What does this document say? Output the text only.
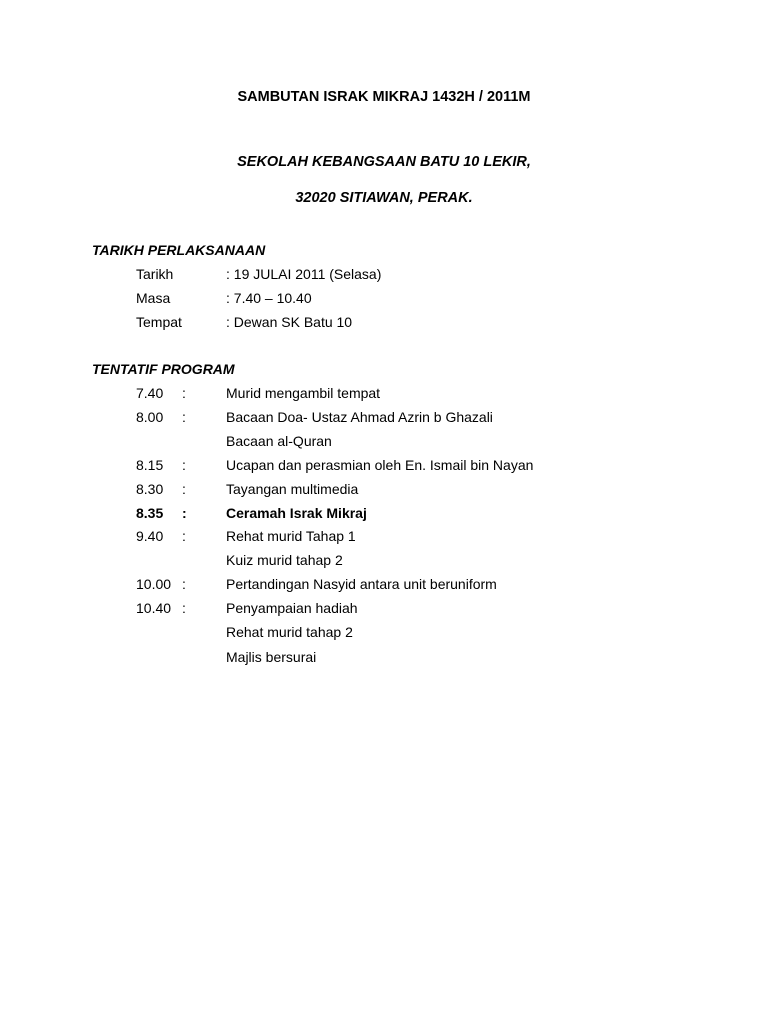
SAMBUTAN ISRAK MIKRAJ 1432H / 2011M
SEKOLAH KEBANGSAAN BATU 10 LEKIR,
32020 SITIAWAN, PERAK.
TARIKH PERLAKSANAAN
Tarikh	: 19 JULAI 2011 (Selasa)
Masa	: 7.40 – 10.40
Tempat	: Dewan SK Batu 10
TENTATIF PROGRAM
7.40 :	Murid mengambil tempat
8.00 :	Bacaan Doa- Ustaz Ahmad Azrin b Ghazali
Bacaan al-Quran
8.15 :	Ucapan dan perasmian oleh En. Ismail bin Nayan
8.30 :	Tayangan multimedia
8.35 :	Ceramah Israk Mikraj
9.40 :	Rehat murid Tahap 1
Kuiz murid tahap 2
10.00 :	Pertandingan Nasyid antara unit beruniform
10.40 :	Penyampaian hadiah
Rehat murid tahap 2
Majlis bersurai
